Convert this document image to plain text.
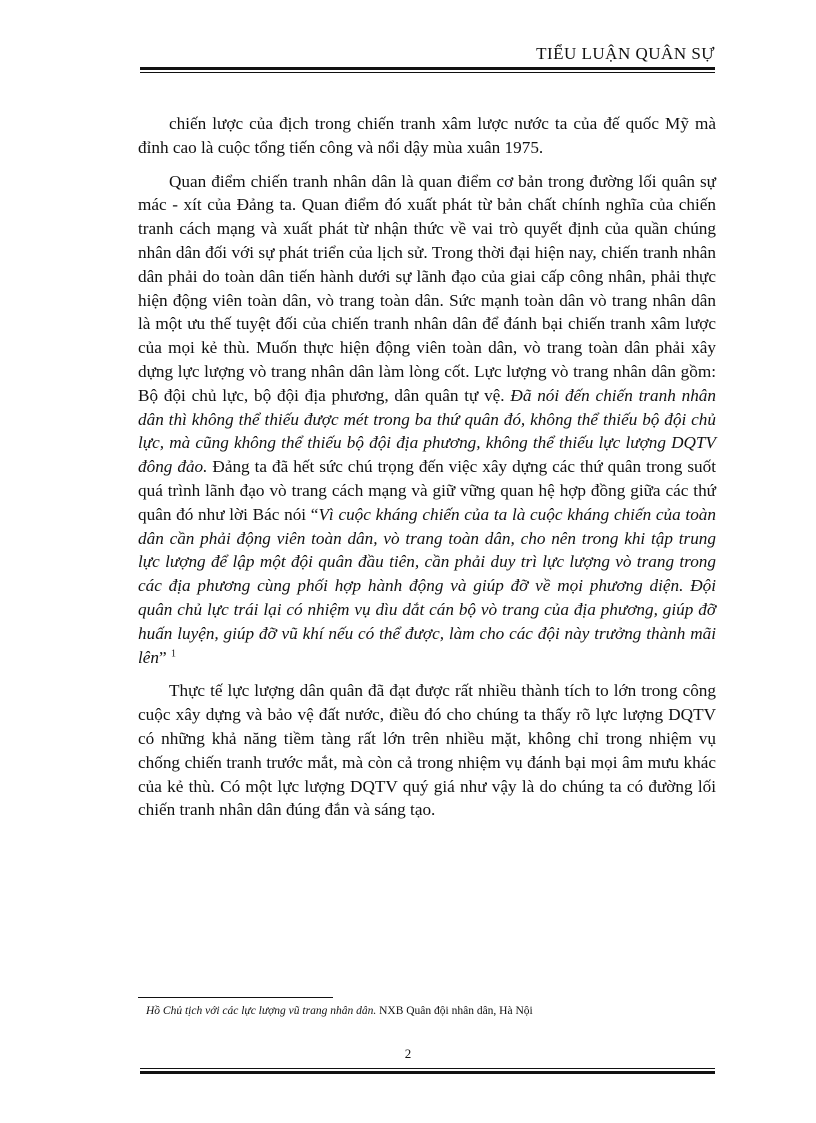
TIỂU LUẬN QUÂN SỰ

chiến lược của địch trong chiến tranh xâm lược nước ta của đế quốc Mỹ mà đỉnh cao là cuộc tổng tiến công và nổi dậy mùa xuân 1975.

Quan điểm chiến tranh nhân dân là quan điểm cơ bản trong đường lối quân sự mác - xít của Đảng ta. Quan điểm đó xuất phát từ bản chất chính nghĩa của chiến tranh cách mạng và xuất phát từ nhận thức về vai trò quyết định của quần chúng nhân dân đối với sự phát triển của lịch sử. Trong thời đại hiện nay, chiến tranh nhân dân phải do toàn dân tiến hành dưới sự lãnh đạo của giai cấp công nhân, phải thực hiện động viên toàn dân, vò trang toàn dân. Sức mạnh toàn dân vò trang nhân dân là một ưu thế tuyệt đối của chiến tranh nhân dân để đánh bại chiến tranh xâm lược của mọi kẻ thù. Muốn thực hiện động viên toàn dân, vò trang toàn dân phải xây dựng lực lượng vò trang nhân dân làm lòng cốt. Lực lượng vò trang nhân dân gồm: Bộ đội chủ lực, bộ đội địa phương, dân quân tự vệ. Đã nói đến chiến tranh nhân dân thì không thể thiếu được mét trong ba thứ quân đó, không thể thiếu bộ đội chủ lực, mà cũng không thể thiếu bộ đội địa phương, không thể thiếu lực lượng DQTV đông đảo. Đảng ta đã hết sức chú trọng đến việc xây dựng các thứ quân trong suốt quá trình lãnh đạo vò trang cách mạng và giữ vững quan hệ hợp đồng giữa các thứ quân đó như lời Bác nói “Vì cuộc kháng chiến của ta là cuộc kháng chiến của toàn dân cần phải động viên toàn dân, vò trang toàn dân, cho nên trong khi tập trung lực lượng để lập một đội quân đầu tiên, cần phải duy trì lực lượng vò trang trong các địa phương cùng phối hợp hành động và giúp đỡ về mọi phương diện. Đội quân chủ lực trái lại có nhiệm vụ dìu dắt cán bộ vò trang của địa phương, giúp đỡ huấn luyện, giúp đỡ vũ khí nếu có thể được, làm cho các đội này trưởng thành mãi lên” $^1$

Thực tế lực lượng dân quân đã đạt được rất nhiều thành tích to lớn trong công cuộc xây dựng và bảo vệ đất nước, điều đó cho chúng ta thấy rõ lực lượng DQTV có những khả năng tiềm tàng rất lớn trên nhiều mặt, không chỉ trong nhiệm vụ chống chiến tranh trước mắt, mà còn cả trong nhiệm vụ đánh bại mọi âm mưu khác của kẻ thù. Có một lực lượng DQTV quý giá như vậy là do chúng ta có đường lối chiến tranh nhân dân đúng đắn và sáng tạo.

Hồ Chủ tịch với các lực lượng vũ trang nhân dân. NXB Quân đội nhân dân, Hà Nội
2
